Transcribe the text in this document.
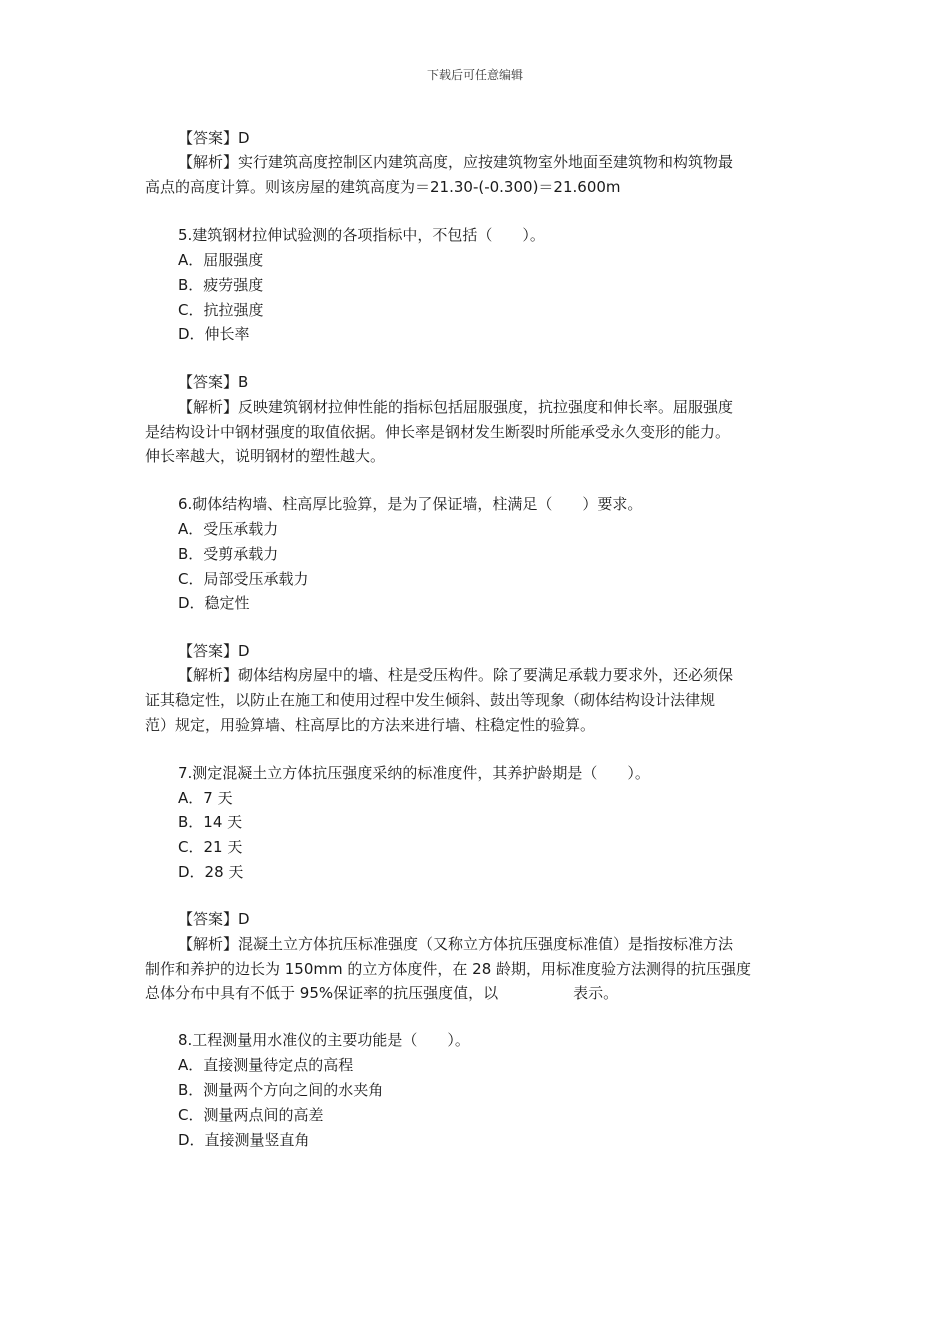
下载后可任意编辑
【答案】D
【解析】实行建筑高度控制区内建筑高度，应按建筑物室外地面至建筑物和构筑物最
高点的高度计算。则该房屋的建筑高度为＝21.30-(-0.300)＝21.600m
5.建筑钢材拉伸试验测的各项指标中，不包括（　　）。
A．屈服强度
B．疲劳强度
C．抗拉强度
D．伸长率
【答案】B
【解析】反映建筑钢材拉伸性能的指标包括屈服强度，抗拉强度和伸长率。屈服强度
是结构设计中钢材强度的取值依据。伸长率是钢材发生断裂时所能承受永久变形的能力。
伸长率越大，说明钢材的塑性越大。
6.砌体结构墙、柱高厚比验算，是为了保证墙，柱满足（　　）要求。
A．受压承载力
B．受剪承载力
C．局部受压承载力
D．稳定性
【答案】D
【解析】砌体结构房屋中的墙、柱是受压构件。除了要满足承载力要求外，还必须保
证其稳定性，以防止在施工和使用过程中发生倾斜、鼓出等现象（砌体结构设计法律规
范）规定，用验算墙、柱高厚比的方法来进行墙、柱稳定性的验算。
7.测定混凝土立方体抗压强度采纳的标准度件，其养护龄期是（　　）。
A．7 天
B．14 天
C．21 天
D．28 天
【答案】D
【解析】混凝土立方体抗压标准强度（又称立方体抗压强度标准值）是指按标准方法
制作和养护的边长为 150mm 的立方体度件，在 28 龄期，用标准度验方法测得的抗压强度
总体分布中具有不低于 95%保证率的抗压强度值，以　　　　　表示。
8.工程测量用水准仪的主要功能是（　　）。
A．直接测量待定点的高程
B．测量两个方向之间的水夹角
C．测量两点间的高差
D．直接测量竖直角
